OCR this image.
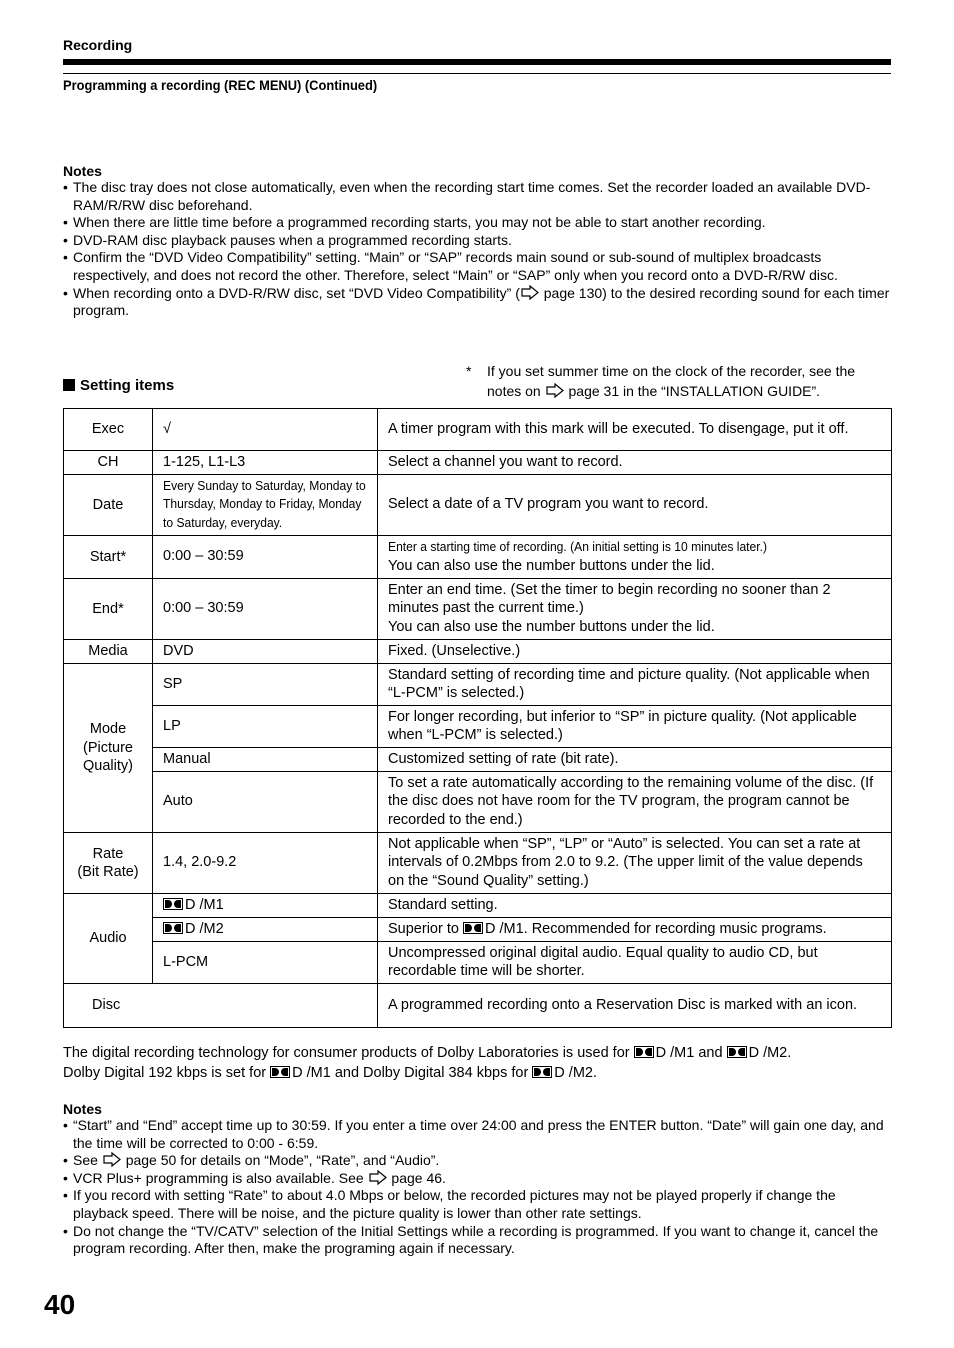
Recording
Programming a recording (REC MENU) (Continued)
Notes
• The disc tray does not close automatically, even when the recording start time comes. Set the recorder loaded an available DVD-RAM/R/RW disc beforehand.
• When there are little time before a programmed recording starts, you may not be able to start another recording.
• DVD-RAM disc playback pauses when a programmed recording starts.
• Confirm the “DVD Video Compatibility” setting. “Main” or “SAP” records main sound or sub-sound of multiplex broadcasts respectively, and does not record the other. Therefore, select “Main” or “SAP” only when you record onto a DVD-R/RW disc.
• When recording onto a DVD-R/RW disc, set “DVD Video Compatibility” ( page 130) to the desired recording sound for each timer program.
Setting items
* If you set summer time on the clock of the recorder, see the notes on  page 31 in the “INSTALLATION GUIDE”.
Exec	√	A timer program with this mark will be executed. To disengage, put it off.
CH	1-125, L1-L3	Select a channel you want to record.
Date	Every Sunday to Saturday, Monday to Thursday, Monday to Friday, Monday to Saturday, everyday.	Select a date of a TV program you want to record.
Start*	0:00 – 30:59	Enter a starting time of recording. (An initial setting is 10 minutes later.)
You can also use the number buttons under the lid.
End*	0:00 – 30:59	Enter an end time. (Set the timer to begin recording no sooner than 2 minutes past the current time.)
You can also use the number buttons under the lid.
Media	DVD	Fixed. (Unselective.)
Mode
(Picture
Quality)	SP	Standard setting of recording time and picture quality. (Not applicable when “L-PCM” is selected.)
	LP	For longer recording, but inferior to “SP” in picture quality. (Not applicable when “L-PCM” is selected.)
	Manual	Customized setting of rate (bit rate).
	Auto	To set a rate automatically according to the remaining volume of the disc. (If the disc does not have room for the TV program, the program cannot be recorded to the end.)
Rate
(Bit Rate)	1.4, 2.0-9.2	Not applicable when “SP”, “LP” or “Auto” is selected. You can set a rate at intervals of 0.2Mbps from 2.0 to 9.2. (The upper limit of the value depends on the “Sound Quality” setting.)
Audio	D /M1	Standard setting.
	D /M2	Superior to D /M1. Recommended for recording music programs.
	L-PCM	Uncompressed original digital audio. Equal quality to audio CD, but recordable time will be shorter.
Disc		A programmed recording onto a Reservation Disc is marked with an icon.
The digital recording technology for consumer products of Dolby Laboratories is used for D /M1 and D /M2.
Dolby Digital 192 kbps is set for D /M1 and Dolby Digital 384 kbps for D /M2.
Notes
• “Start” and “End” accept time up to 30:59. If you enter a time over 24:00 and press the ENTER button. “Date” will gain one day, and the time will be corrected to 0:00 - 6:59.
• See  page 50 for details on “Mode”, “Rate”, and “Audio”.
• VCR Plus+ programming is also available. See  page 46.
• If you record with setting “Rate” to about 4.0 Mbps or below, the recorded pictures may not be played properly if change the playback speed. There will be noise, and the picture quality is lower than other rate settings.
• Do not change the “TV/CATV” selection of the Initial Settings while a recording is programmed. If you want to change it, cancel the program recording. After then, make the programing again if necessary.
40
